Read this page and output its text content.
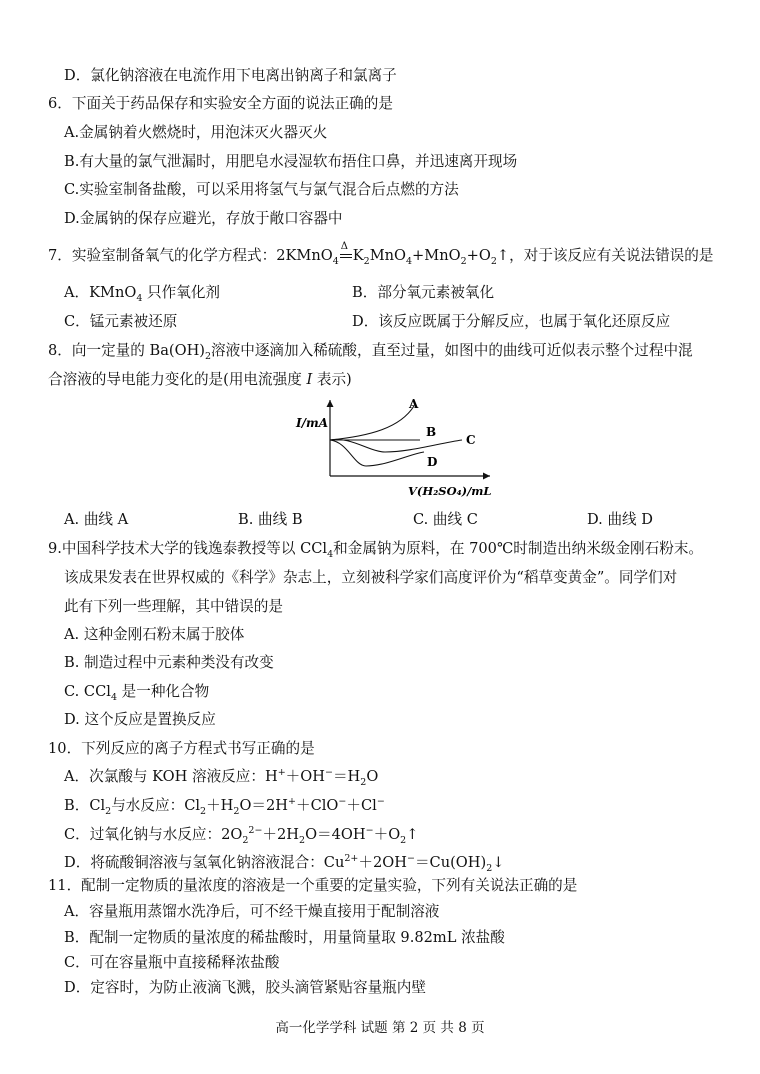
D．氯化钠溶液在电流作用下电离出钠离子和氯离子
6．下面关于药品保存和实验安全方面的说法正确的是
A.金属钠着火燃烧时，用泡沫灭火器灭火
B.有大量的氯气泄漏时，用肥皂水浸湿软布捂住口鼻，并迅速离开现场
C.实验室制备盐酸，可以采用将氢气与氯气混合后点燃的方法
D.金属钠的保存应避光，存放于敞口容器中
7．实验室制备氧气的化学方程式：2KMnO$_4$
Δ
$K_2MnO_4+MnO_2+O_2↑$，对于该反应有关说法错误的是
A．KMnO$_4$ 只作氧化剂	B．部分氧元素被氧化
C．锰元素被还原	D．该反应既属于分解反应，也属于氧化还原反应
8．向一定量的 $Ba(OH)_2$溶液中逐滴加入稀硫酸，直至过量，如图中的曲线可近似表示整个过程中混
合溶液的导电能力变化的是(用电流强度 I 表示)
I/mA
V(H₂SO₄)/mL
A
B
C
D
A. 曲线 A	B. 曲线 B	C. 曲线 C	D. 曲线 D
9.中国科学技术大学的钱逸泰教授等以 CCl$_4$和金属钠为原料，在 700℃时制造出纳米级金刚石粉末。
该成果发表在世界权威的《科学》杂志上，立刻被科学家们高度评价为“稻草变黄金”。同学们对
此有下列一些理解，其中错误的是
A. 这种金刚石粉末属于胶体
B. 制造过程中元素种类没有改变
C. CCl$_4$ 是一种化合物
D. 这个反应是置换反应
10．下列反应的离子方程式书写正确的是
A．次氯酸与 KOH 溶液反应：$H^++OH^-=H_2O$
B．$Cl_2$与水反应：$Cl_2+H_2O=2H^++ClO^-+Cl^-$
C．过氧化钠与水反应：$2O_2^{2-}+2H_2O=4OH^-+O_2↑$
D．将硫酸铜溶液与氢氧化钠溶液混合：$Cu^{2+}+2OH^-=Cu(OH)_2↓$
11．配制一定物质的量浓度的溶液是一个重要的定量实验，下列有关说法正确的是
A．容量瓶用蒸馏水洗净后，可不经干燥直接用于配制溶液
B．配制一定物质的量浓度的稀盐酸时，用量筒量取 9.82mL 浓盐酸
C．可在容量瓶中直接稀释浓盐酸
D．定容时，为防止液滴飞溅，胶头滴管紧贴容量瓶内壁
高一化学学科 试题 第 2 页 共 8 页
